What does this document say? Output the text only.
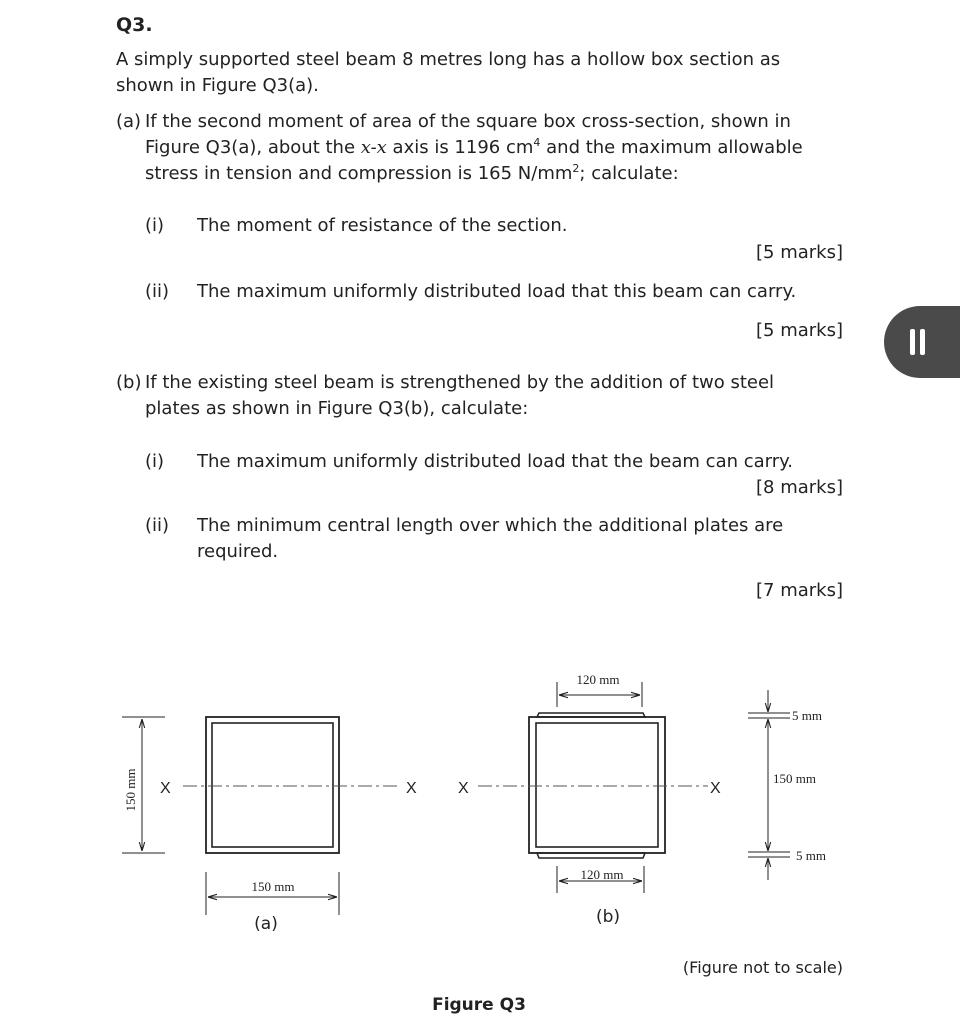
Q3.
A simply supported steel beam 8 metres long has a hollow box section as
shown in Figure Q3(a).
(a) If the second moment of area of the square box cross-section, shown in
Figure Q3(a), about the x-x axis is 1196 $cm^4$ and the maximum allowable
stress in tension and compression is 165 $N/mm^2$; calculate:
(i) The moment of resistance of the section.
[5 marks]
(ii) The maximum uniformly distributed load that this beam can carry.
[5 marks]
(b) If the existing steel beam is strengthened by the addition of two steel
plates as shown in Figure Q3(b), calculate:
(i) The maximum uniformly distributed load that the beam can carry.
[8 marks]
(ii) The minimum central length over which the additional plates are
required.
[7 marks]
150 mm
150 mm
X	X
(a)
120 mm
120 mm
X	X
5 mm
150 mm
5 mm
(b)
(Figure not to scale)
Figure Q3
